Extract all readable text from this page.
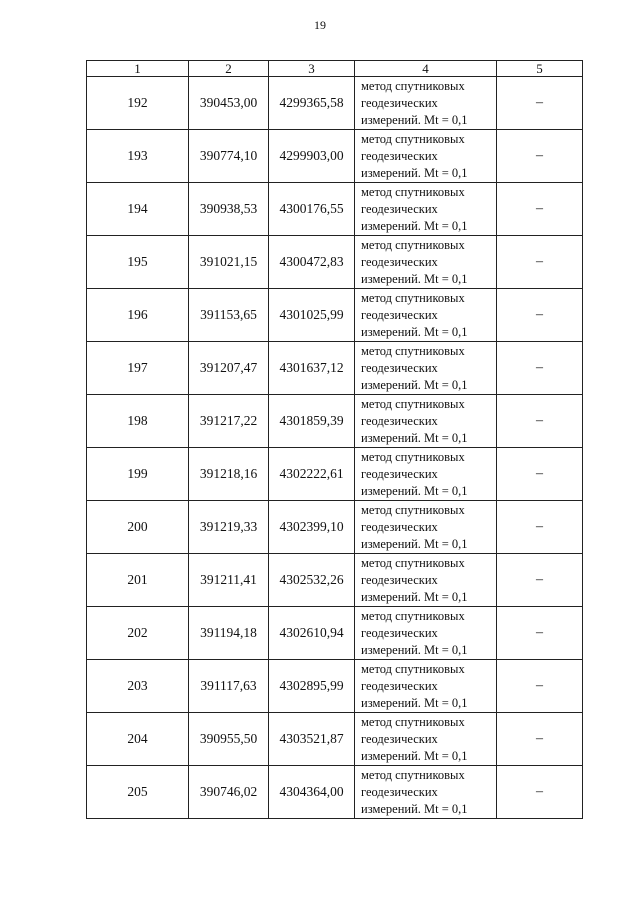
19
1	2	3	4	5
192	390453,00	4299365,58	метод спутниковых
геодезических
измерений. Mt = 0,1	–
193	390774,10	4299903,00	метод спутниковых
геодезических
измерений. Mt = 0,1	–
194	390938,53	4300176,55	метод спутниковых
геодезических
измерений. Mt = 0,1	–
195	391021,15	4300472,83	метод спутниковых
геодезических
измерений. Mt = 0,1	–
196	391153,65	4301025,99	метод спутниковых
геодезических
измерений. Mt = 0,1	–
197	391207,47	4301637,12	метод спутниковых
геодезических
измерений. Mt = 0,1	–
198	391217,22	4301859,39	метод спутниковых
геодезических
измерений. Mt = 0,1	–
199	391218,16	4302222,61	метод спутниковых
геодезических
измерений. Mt = 0,1	–
200	391219,33	4302399,10	метод спутниковых
геодезических
измерений. Mt = 0,1	–
201	391211,41	4302532,26	метод спутниковых
геодезических
измерений. Mt = 0,1	–
202	391194,18	4302610,94	метод спутниковых
геодезических
измерений. Mt = 0,1	–
203	391117,63	4302895,99	метод спутниковых
геодезических
измерений. Mt = 0,1	–
204	390955,50	4303521,87	метод спутниковых
геодезических
измерений. Mt = 0,1	–
205	390746,02	4304364,00	метод спутниковых
геодезических
измерений. Mt = 0,1	–
